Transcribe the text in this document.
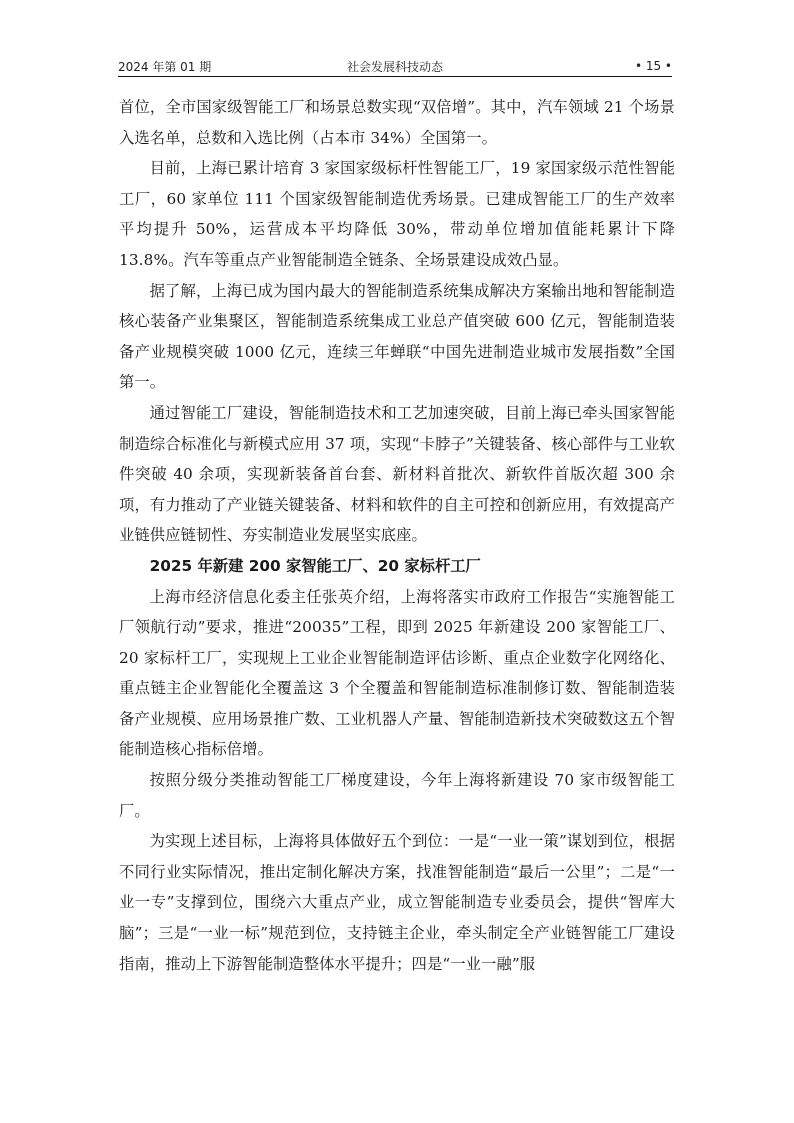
2024 年第 01 期	社会发展科技动态	• 15 •

首位，全市国家级智能工厂和场景总数实现“双倍增”。其中，汽车领域 21 个场景入选名单，总数和入选比例（占本市 34%）全国第一。

目前，上海已累计培育 3 家国家级标杆性智能工厂，19 家国家级示范性智能工厂，60 家单位 111 个国家级智能制造优秀场景。已建成智能工厂的生产效率平均提升 50%，运营成本平均降低 30%，带动单位增加值能耗累计下降 13.8%。汽车等重点产业智能制造全链条、全场景建设成效凸显。

据了解，上海已成为国内最大的智能制造系统集成解决方案输出地和智能制造核心装备产业集聚区，智能制造系统集成工业总产值突破 600 亿元，智能制造装备产业规模突破 1000 亿元，连续三年蝉联“中国先进制造业城市发展指数”全国第一。

通过智能工厂建设，智能制造技术和工艺加速突破，目前上海已牵头国家智能制造综合标准化与新模式应用 37 项，实现“卡脖子”关键装备、核心部件与工业软件突破 40 余项，实现新装备首台套、新材料首批次、新软件首版次超 300 余项，有力推动了产业链关键装备、材料和软件的自主可控和创新应用，有效提高产业链供应链韧性、夯实制造业发展坚实底座。

2025 年新建 200 家智能工厂、20 家标杆工厂

上海市经济信息化委主任张英介绍，上海将落实市政府工作报告“实施智能工厂领航行动”要求，推进“20035”工程，即到 2025 年新建设 200 家智能工厂、20 家标杆工厂，实现规上工业企业智能制造评估诊断、重点企业数字化网络化、重点链主企业智能化全覆盖这 3 个全覆盖和智能制造标准制修订数、智能制造装备产业规模、应用场景推广数、工业机器人产量、智能制造新技术突破数这五个智能制造核心指标倍增。

按照分级分类推动智能工厂梯度建设，今年上海将新建设 70 家市级智能工厂。

为实现上述目标，上海将具体做好五个到位：一是“一业一策”谋划到位，根据不同行业实际情况，推出定制化解决方案，找准智能制造“最后一公里”；二是“一业一专”支撑到位，围绕六大重点产业，成立智能制造专业委员会，提供“智库大脑”；三是“一业一标”规范到位，支持链主企业，牵头制定全产业链智能工厂建设指南，推动上下游智能制造整体水平提升；四是“一业一融”服
